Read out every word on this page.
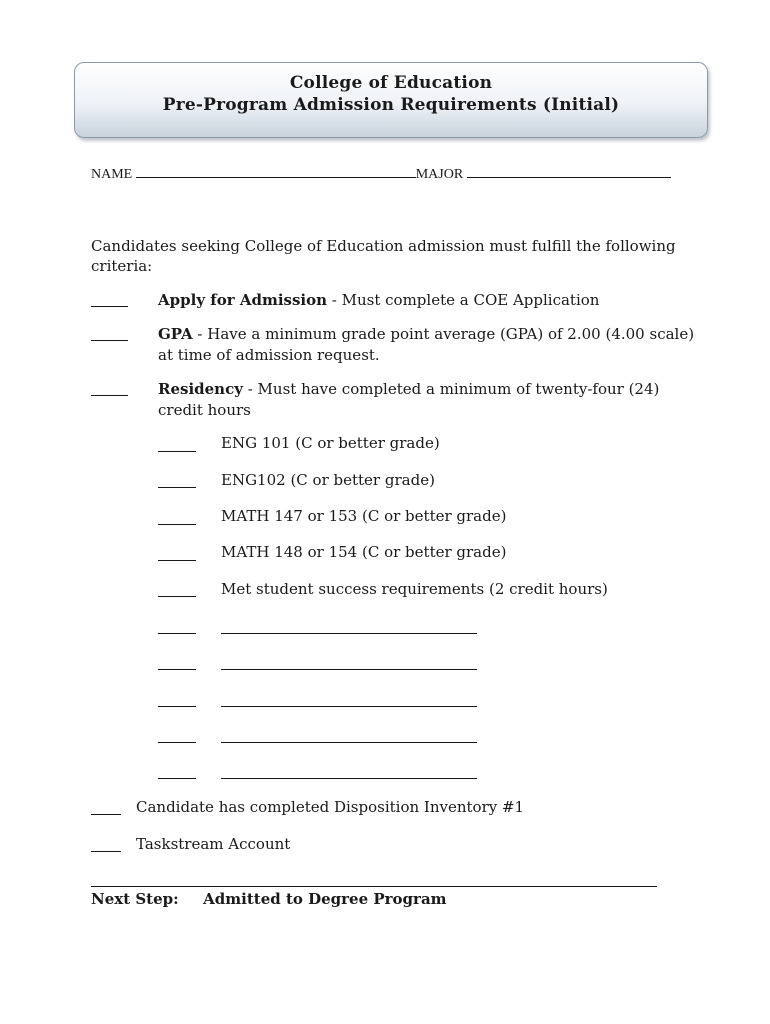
College of Education
Pre-Program Admission Requirements (Initial)
NAME	MAJOR
Candidates seeking College of Education admission must fulfill the following criteria:
Apply for Admission - Must complete a COE Application
GPA - Have a minimum grade point average (GPA) of 2.00 (4.00 scale)
at time of admission request.
Residency - Must have completed a minimum of twenty-four (24)
credit hours
ENG 101 (C or better grade)
ENG102 (C or better grade)
MATH 147 or 153 (C or better grade)
MATH 148 or 154 (C or better grade)
Met student success requirements (2 credit hours)
Candidate has completed Disposition Inventory #1
Taskstream Account
Next Step: Admitted to Degree Program
